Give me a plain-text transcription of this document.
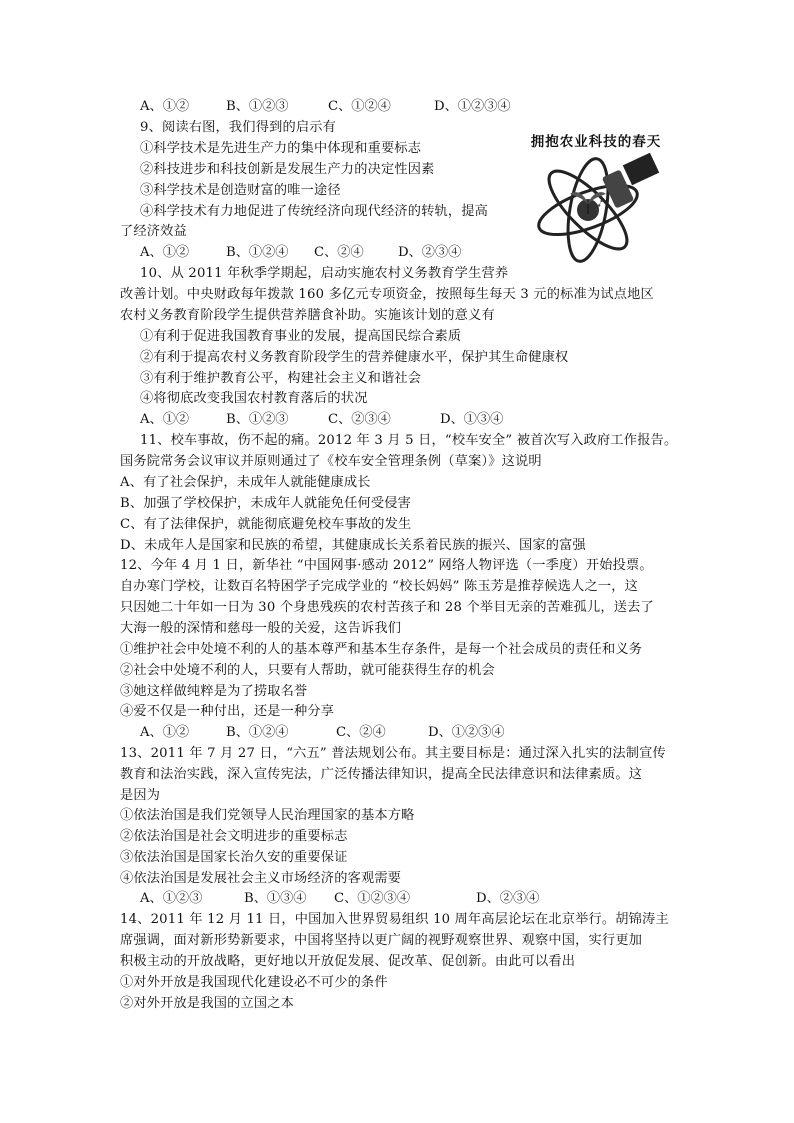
A、①②	B、①②③	C、①②④	D、①②③④
9、阅读右图，我们得到的启示有
①科学技术是先进生产力的集中体现和重要标志
②科技进步和科技创新是发展生产力的决定性因素
③科学技术是创造财富的唯一途径
④科学技术有力地促进了传统经济向现代经济的转轨，提高
了经济效益
A、①②	B、①②④ C、②④	D、②③④
拥抱农业科技的春天
10、从 2011 年秋季学期起，启动实施农村义务教育学生营养
改善计划。中央财政每年拨款 160 多亿元专项资金，按照每生每天 3 元的标准为试点地区
农村义务教育阶段学生提供营养膳食补助。实施该计划的意义有
①有利于促进我国教育事业的发展，提高国民综合素质
②有利于提高农村义务教育阶段学生的营养健康水平，保护其生命健康权
③有利于维护教育公平，构建社会主义和谐社会
④将彻底改变我国农村教育落后的状况
A、①②	B、①②③	C、②③④	D、①③④
11、校车事故，伤不起的痛。2012 年 3 月 5 日，“校车安全” 被首次写入政府工作报告。
国务院常务会议审议并原则通过了《校车安全管理条例（草案）》这说明
A、有了社会保护，未成年人就能健康成长
B、加强了学校保护，未成年人就能免任何受侵害
C、有了法律保护，就能彻底避免校车事故的发生
D、未成年人是国家和民族的希望，其健康成长关系着民族的振兴、国家的富强
12、今年 4 月 1 日，新华社 “中国网事·感动 2012” 网络人物评选（一季度）开始投票。
自办寒门学校，让数百名特困学子完成学业的 “校长妈妈” 陈玉芳是推荐候选人之一，这
只因她二十年如一日为 30 个身患残疾的农村苦孩子和 28 个举目无亲的苦难孤儿，送去了
大海一般的深情和慈母一般的关爱，这告诉我们
①维护社会中处境不利的人的基本尊严和基本生存条件，是每一个社会成员的责任和义务
②社会中处境不利的人，只要有人帮助，就可能获得生存的机会
③她这样做纯粹是为了捞取名誉
④爱不仅是一种付出，还是一种分享
A、①②	B、①②④	C、②④	D、①②③④
13、2011 年 7 月 27 日，“六五” 普法规划公布。其主要目标是：通过深入扎实的法制宣传
教育和法治实践，深入宣传宪法，广泛传播法律知识，提高全民法律意识和法律素质。这
是因为
①依法治国是我们党领导人民治理国家的基本方略
②依法治国是社会文明进步的重要标志
③依法治国是国家长治久安的重要保证
④依法治国是发展社会主义市场经济的客观需要
A、①②③	B、①③④ C、①②③④	D、②③④
14、2011 年 12 月 11 日，中国加入世界贸易组织 10 周年高层论坛在北京举行。胡锦涛主
席强调，面对新形势新要求，中国将坚持以更广阔的视野观察世界、观察中国，实行更加
积极主动的开放战略，更好地以开放促发展、促改革、促创新。由此可以看出
①对外开放是我国现代化建设必不可少的条件
②对外开放是我国的立国之本
